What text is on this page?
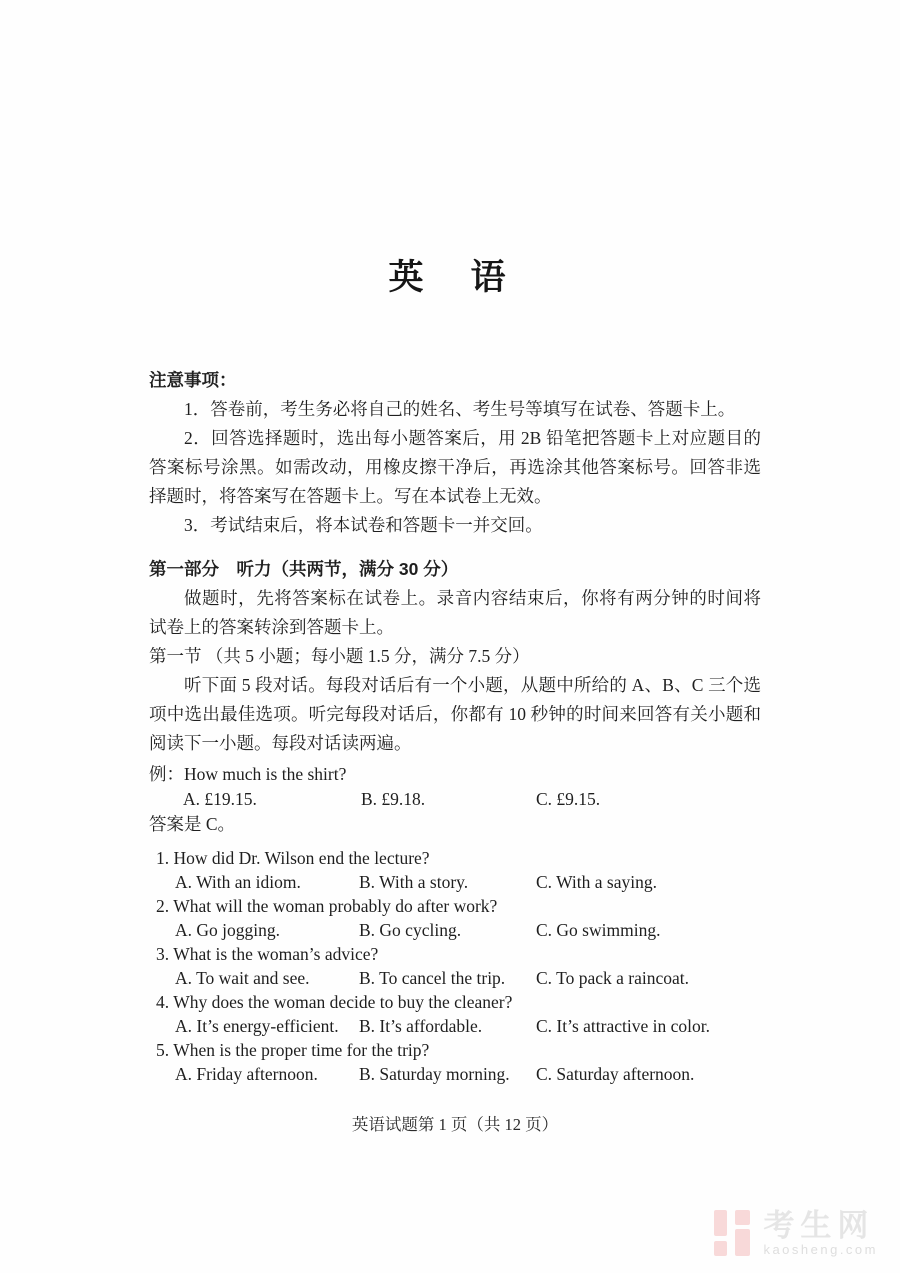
英　语
注意事项：

1．答卷前，考生务必将自己的姓名、考生号等填写在试卷、答题卡上。

2．回答选择题时，选出每小题答案后，用 2B 铅笔把答题卡上对应题目的答案标号涂黑。如需改动，用橡皮擦干净后，再选涂其他答案标号。回答非选择题时，将答案写在答题卡上。写在本试卷上无效。

3．考试结束后，将本试卷和答题卡一并交回。

第一部分　听力（共两节，满分 30 分）

做题时，先将答案标在试卷上。录音内容结束后，你将有两分钟的时间将试卷上的答案转涂到答题卡上。

第一节 （共 5 小题；每小题 1.5 分，满分 7.5 分）

听下面 5 段对话。每段对话后有一个小题，从题中所给的 A、B、C 三个选项中选出最佳选项。听完每段对话后，你都有 10 秒钟的时间来回答有关小题和阅读下一小题。每段对话读两遍。

例：How much is the shirt?
A. £19.15.	B. £9.18.	C. £9.15.
答案是 C。
1. How did Dr. Wilson end the lecture?
A. With an idiom.	B. With a story.	C. With a saying.
2. What will the woman probably do after work?
A. Go jogging.	B. Go cycling.	C. Go swimming.
3. What is the woman’s advice?
A. To wait and see.	B. To cancel the trip.	C. To pack a raincoat.
4. Why does the woman decide to buy the cleaner?
A. It’s energy-efficient.	B. It’s affordable.	C. It’s attractive in color.
5. When is the proper time for the trip?
A. Friday afternoon.	B. Saturday morning.	C. Saturday afternoon.
英语试题第 1 页（共 12 页）
考生网
kaosheng.com
